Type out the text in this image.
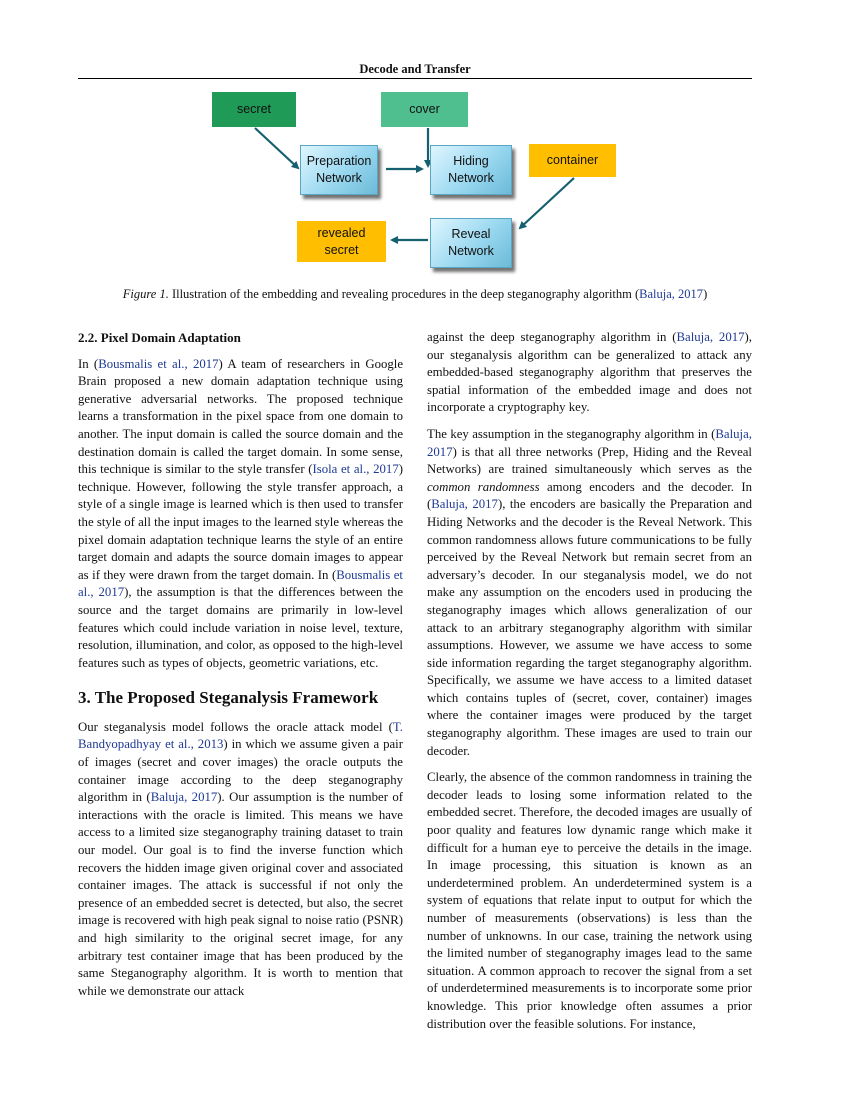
Decode and Transfer
secret	cover
Preparation
Network
Hiding
Network
container
Reveal
Network
revealed
secret
Figure 1. Illustration of the embedding and revealing procedures in the deep steganography algorithm (Baluja, 2017)
2.2. Pixel Domain Adaptation

In (Bousmalis et al., 2017) A team of researchers in Google Brain proposed a new domain adaptation technique using generative adversarial networks. The proposed technique learns a transformation in the pixel space from one domain to another. The input domain is called the source domain and the destination domain is called the target domain. In some sense, this technique is similar to the style transfer (Isola et al., 2017) technique. However, following the style transfer approach, a style of a single image is learned which is then used to transfer the style of all the input images to the learned style whereas the pixel domain adaptation technique learns the style of an entire target domain and adapts the source domain images to appear as if they were drawn from the target domain. In (Bousmalis et al., 2017), the assumption is that the differences between the source and the target domains are primarily in low-level features which could include variation in noise level, texture, resolution, illumination, and color, as opposed to the high-level features such as types of objects, geometric variations, etc.

3. The Proposed Steganalysis Framework

Our steganalysis model follows the oracle attack model (T. Bandyopadhyay et al., 2013) in which we assume given a pair of images (secret and cover images) the oracle outputs the container image according to the deep steganography algorithm in (Baluja, 2017). Our assumption is the number of interactions with the oracle is limited. This means we have access to a limited size steganography training dataset to train our model. Our goal is to find the inverse function which recovers the hidden image given original cover and associated container images. The attack is successful if not only the presence of an embedded secret is detected, but also, the secret image is recovered with high peak signal to noise ratio (PSNR) and high similarity to the original secret image, for any arbitrary test container image that has been produced by the same Steganography algorithm. It is worth to mention that while we demonstrate our attack

against the deep steganography algorithm in (Baluja, 2017), our steganalysis algorithm can be generalized to attack any embedded-based steganography algorithm that preserves the spatial information of the embedded image and does not incorporate a cryptography key.

The key assumption in the steganography algorithm in (Baluja, 2017) is that all three networks (Prep, Hiding and the Reveal Networks) are trained simultaneously which serves as the common randomness among encoders and the decoder. In (Baluja, 2017), the encoders are basically the Preparation and Hiding Networks and the decoder is the Reveal Network. This common randomness allows future communications to be fully perceived by the Reveal Network but remain secret from an adversary’s decoder. In our steganalysis model, we do not make any assumption on the encoders used in producing the steganography images which allows generalization of our attack to an arbitrary steganography algorithm with similar assumptions. However, we assume we have access to some side information regarding the target steganography algorithm. Specifically, we assume we have access to a limited dataset which contains tuples of (secret, cover, container) images where the container images were produced by the target steganography algorithm. These images are used to train our decoder.

Clearly, the absence of the common randomness in training the decoder leads to losing some information related to the embedded secret. Therefore, the decoded images are usually of poor quality and features low dynamic range which make it difficult for a human eye to perceive the details in the image. In image processing, this situation is known as an underdetermined problem. An underdetermined system is a system of equations that relate input to output for which the number of measurements (observations) is less than the number of unknowns. In our case, training the network using the limited number of steganography images lead to the same situation. A common approach to recover the signal from a set of underdetermined measurements is to incorporate some prior knowledge. This prior knowledge often assumes a prior distribution over the feasible solutions. For instance,
